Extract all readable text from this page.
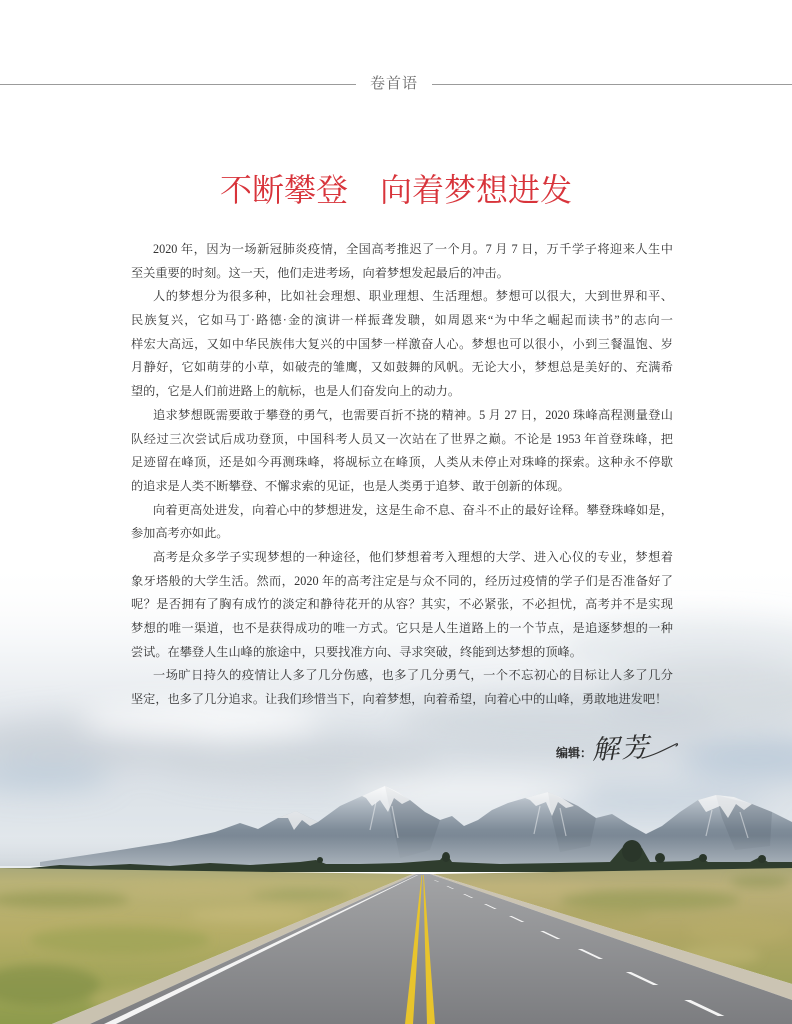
卷首语
不断攀登　向着梦想进发
2020 年，因为一场新冠肺炎疫情，全国高考推迟了一个月。7 月 7 日，万千学子将迎来人生中
至关重要的时刻。这一天，他们走进考场，向着梦想发起最后的冲击。
人的梦想分为很多种，比如社会理想、职业理想、生活理想。梦想可以很大，大到世界和平、
民族复兴，它如马丁·路德·金的演讲一样振聋发聩，如周恩来“为中华之崛起而读书”的志向一
样宏大高远，又如中华民族伟大复兴的中国梦一样激奋人心。梦想也可以很小，小到三餐温饱、岁
月静好，它如萌芽的小草，如破壳的雏鹰，又如鼓舞的风帆。无论大小，梦想总是美好的、充满希
望的，它是人们前进路上的航标，也是人们奋发向上的动力。
追求梦想既需要敢于攀登的勇气，也需要百折不挠的精神。5 月 27 日，2020 珠峰高程测量登山
队经过三次尝试后成功登顶，中国科考人员又一次站在了世界之巅。不论是 1953 年首登珠峰，把
足迹留在峰顶，还是如今再测珠峰，将觇标立在峰顶，人类从未停止对珠峰的探索。这种永不停歇
的追求是人类不断攀登、不懈求索的见证，也是人类勇于追梦、敢于创新的体现。
向着更高处进发，向着心中的梦想进发，这是生命不息、奋斗不止的最好诠释。攀登珠峰如是，
参加高考亦如此。
高考是众多学子实现梦想的一种途径，他们梦想着考入理想的大学、进入心仪的专业，梦想着
象牙塔般的大学生活。然而，2020 年的高考注定是与众不同的，经历过疫情的学子们是否准备好了
呢？是否拥有了胸有成竹的淡定和静待花开的从容？其实，不必紧张，不必担忧，高考并不是实现
梦想的唯一渠道，也不是获得成功的唯一方式。它只是人生道路上的一个节点，是追逐梦想的一种
尝试。在攀登人生山峰的旅途中，只要找准方向、寻求突破，终能到达梦想的顶峰。
一场旷日持久的疫情让人多了几分伤感，也多了几分勇气，一个不忘初心的目标让人多了几分
坚定，也多了几分追求。让我们珍惜当下，向着梦想，向着希望，向着心中的山峰，勇敢地进发吧！
编辑： 解芳
